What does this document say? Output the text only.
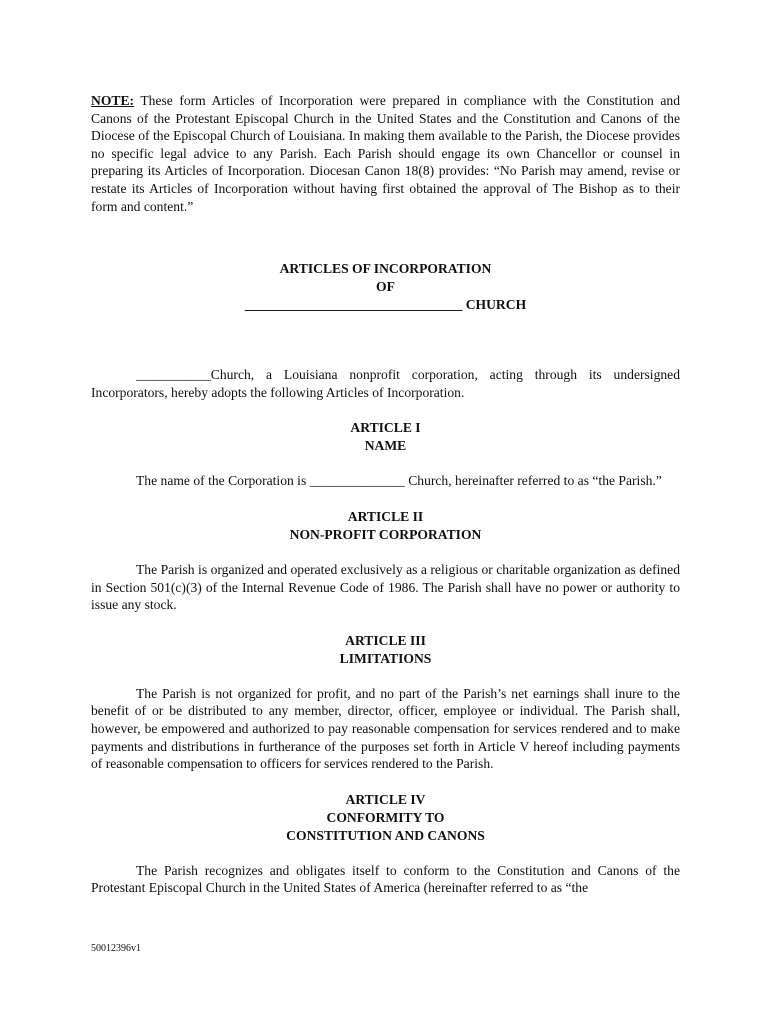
NOTE: These form Articles of Incorporation were prepared in compliance with the Constitution and Canons of the Protestant Episcopal Church in the United States and the Constitution and Canons of the Diocese of the Episcopal Church of Louisiana. In making them available to the Parish, the Diocese provides no specific legal advice to any Parish. Each Parish should engage its own Chancellor or counsel in preparing its Articles of Incorporation. Diocesan Canon 18(8) provides: “No Parish may amend, revise or restate its Articles of Incorporation without having first obtained the approval of The Bishop as to their form and content.”

ARTICLES OF INCORPORATION
OF
________________________________ CHURCH

___________Church, a Louisiana nonprofit corporation, acting through its undersigned Incorporators, hereby adopts the following Articles of Incorporation.

ARTICLE I
NAME

The name of the Corporation is ______________ Church, hereinafter referred to as “the Parish.”

ARTICLE II
NON-PROFIT CORPORATION

The Parish is organized and operated exclusively as a religious or charitable organization as defined in Section 501(c)(3) of the Internal Revenue Code of 1986. The Parish shall have no power or authority to issue any stock.

ARTICLE III
LIMITATIONS

The Parish is not organized for profit, and no part of the Parish’s net earnings shall inure to the benefit of or be distributed to any member, director, officer, employee or individual. The Parish shall, however, be empowered and authorized to pay reasonable compensation for services rendered and to make payments and distributions in furtherance of the purposes set forth in Article V hereof including payments of reasonable compensation to officers for services rendered to the Parish.

ARTICLE IV
CONFORMITY TO
CONSTITUTION AND CANONS

The Parish recognizes and obligates itself to conform to the Constitution and Canons of the Protestant Episcopal Church in the United States of America (hereinafter referred to as “the

50012396v1
